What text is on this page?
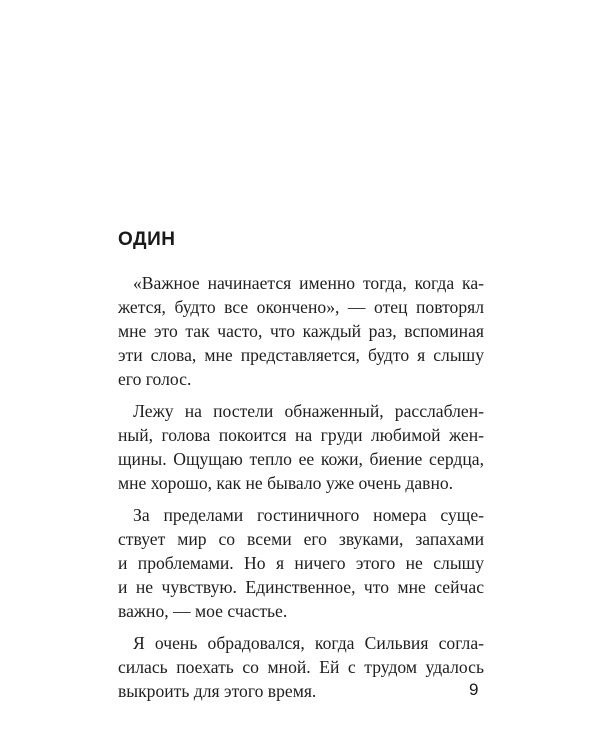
ОДИН

«Важное начинается именно тогда, когда ка-
жется, будто все окончено», — отец повторял
мне это так часто, что каждый раз, вспоминая
эти слова, мне представляется, будто я слышу
его голос.

Лежу на постели обнаженный, расслаблен-
ный, голова покоится на груди любимой жен-
щины. Ощущаю тепло ее кожи, биение сердца,
мне хорошо, как не бывало уже очень давно.

За пределами гостиничного номера суще-
ствует мир со всеми его звуками, запахами
и проблемами. Но я ничего этого не слышу
и не чувствую. Единственное, что мне сейчас
важно, — мое счастье.

Я очень обрадовался, когда Сильвия согла-
силась поехать со мной. Ей с трудом удалось
выкроить для этого время.	9
